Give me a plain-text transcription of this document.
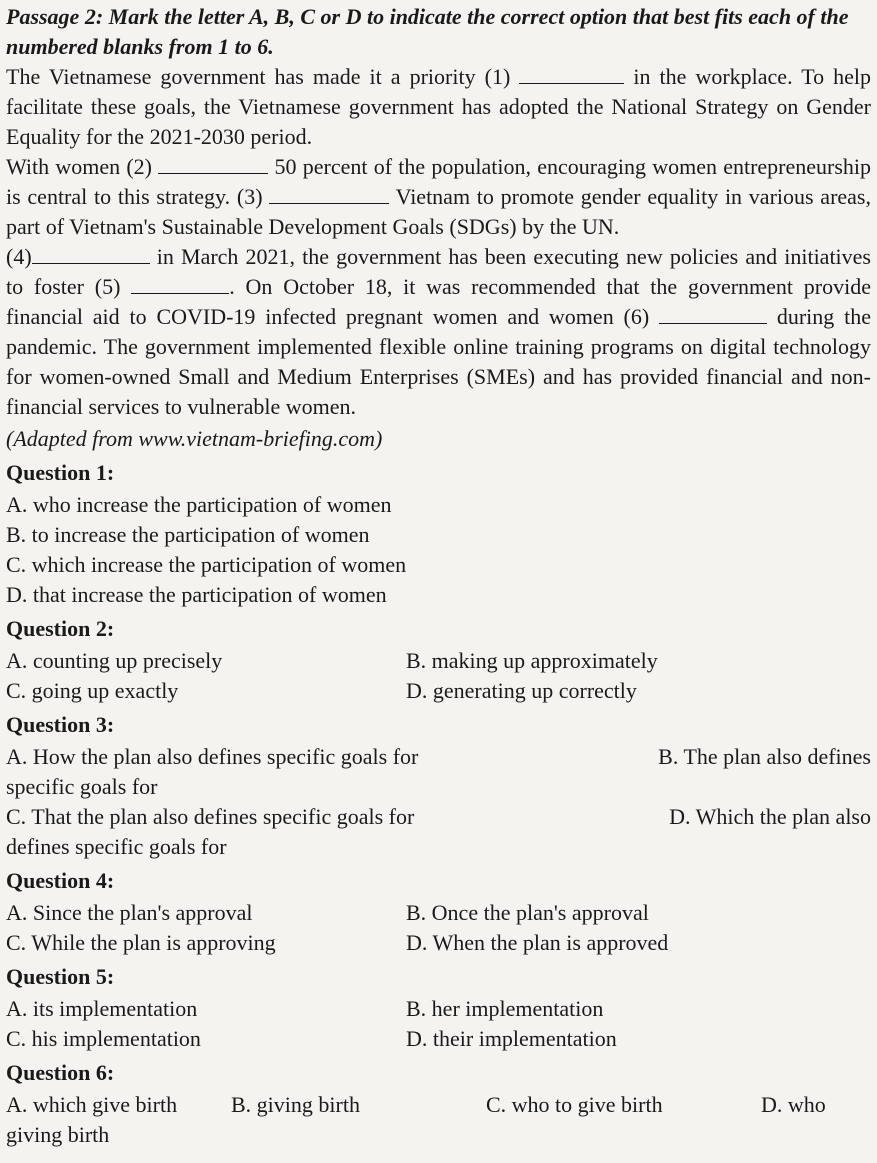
Passage 2: Mark the letter A, B, C or D to indicate the correct option that best fits each of the numbered blanks from 1 to 6.

The Vietnamese government has made it a priority (1)	in the workplace. To help facilitate these goals, the Vietnamese government has adopted the National Strategy on Gender Equality for the 2021-2030 period.

With women (2)	50 percent of the population, encouraging women entrepreneurship is central to this strategy. (3)	Vietnam to promote gender equality in various areas, part of Vietnam's Sustainable Development Goals (SDGs) by the UN.

(4)	in March 2021, the government has been executing new policies and initiatives to foster (5)	. On October 18, it was recommended that the government provide financial aid to COVID-19 infected pregnant women and women (6)	during the pandemic. The government implemented flexible online training programs on digital technology for women-owned Small and Medium Enterprises (SMEs) and has provided financial and non-financial services to vulnerable women.

(Adapted from www.vietnam-briefing.com)

Question 1:

A. who increase the participation of women

B. to increase the participation of women

C. which increase the participation of women

D. that increase the participation of women

Question 2:

A. counting up precisely	B. making up approximately
C. going up exactly	D. generating up correctly

Question 3:

A. How the plan also defines specific goals for	B. The plan also defines

specific goals for

C. That the plan also defines specific goals for	D. Which the plan also

defines specific goals for

Question 4:

A. Since the plan's approval	B. Once the plan's approval
C. While the plan is approving	D. When the plan is approved

Question 5:

A. its implementation	B. her implementation
C. his implementation	D. their implementation

Question 6:

A. which give birth	B. giving birth	C. who to give birth	D. who

giving birth
